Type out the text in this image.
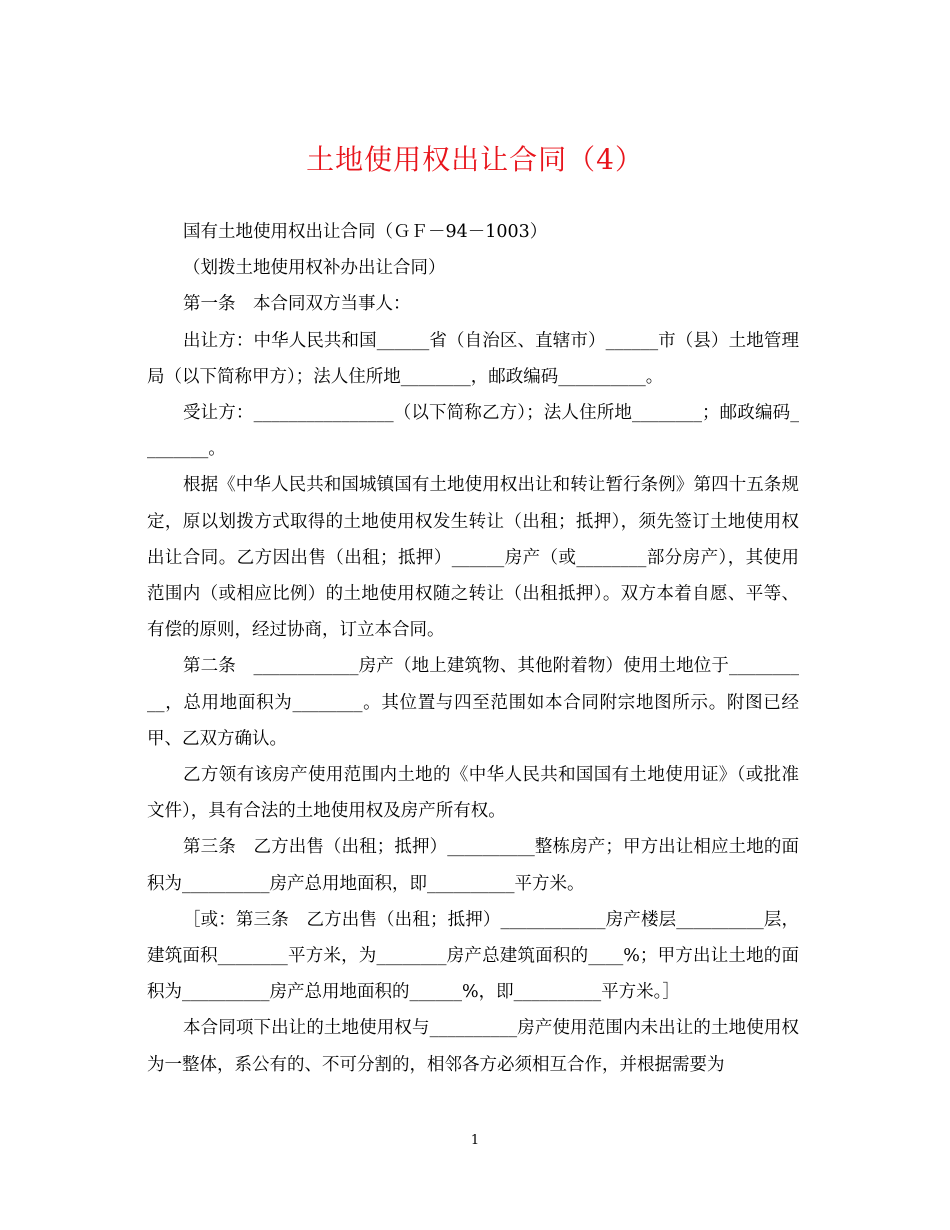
土地使用权出让合同（4）

国有土地使用权出让合同（ＧＦ－94－1003）

（划拨土地使用权补办出让合同）

第一条　本合同双方当事人：

出让方：中华人民共和国______省（自治区、直辖市）______市（县）土地管理局（以下简称甲方）；法人住所地________，邮政编码__________。

受让方：________________（以下简称乙方）；法人住所地________；邮政编码________。

根据《中华人民共和国城镇国有土地使用权出让和转让暂行条例》第四十五条规定，原以划拨方式取得的土地使用权发生转让（出租；抵押），须先签订土地使用权出让合同。乙方因出售（出租；抵押）______房产（或________部分房产），其使用范围内（或相应比例）的土地使用权随之转让（出租抵押）。双方本着自愿、平等、有偿的原则，经过协商，订立本合同。

第二条　____________房产（地上建筑物、其他附着物）使用土地位于__________，总用地面积为________。其位置与四至范围如本合同附宗地图所示。附图已经甲、乙双方确认。

乙方领有该房产使用范围内土地的《中华人民共和国国有土地使用证》（或批准文件），具有合法的土地使用权及房产所有权。

第三条　乙方出售（出租；抵押）__________整栋房产；甲方出让相应土地的面积为__________房产总用地面积，即__________平方米。

［或：第三条　乙方出售（出租；抵押）____________房产楼层__________层，建筑面积________平方米，为________房产总建筑面积的____%；甲方出让土地的面积为__________房产总用地面积的______%，即__________平方米。］

本合同项下出让的土地使用权与__________房产使用范围内未出让的土地使用权为一整体，系公有的、不可分割的，相邻各方必须相互合作，并根据需要为

1
